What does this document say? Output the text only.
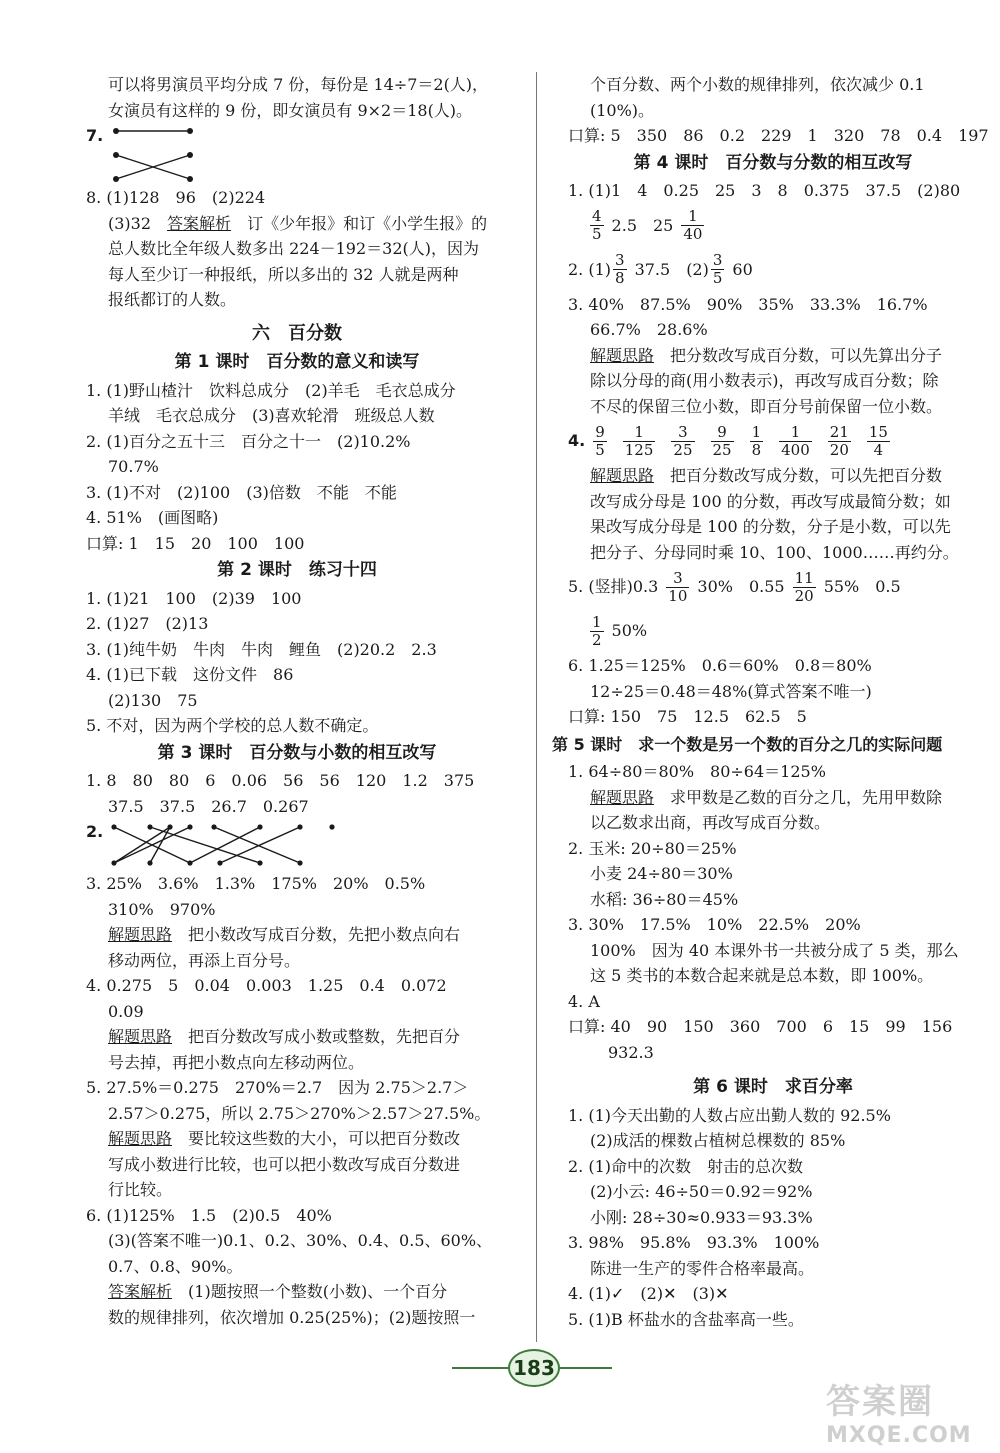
可以将男演员平均分成 7 份，每份是 14÷7＝2(人)，
女演员有这样的 9 份，即女演员有 9×2＝18(人)。
7.
8. (1)128　96　(2)224
(3)32　 答案解析　 订《少年报》和订《小学生报》的
总人数比全年级人数多出 224－192＝32(人)，因为
每人至少订一种报纸，所以多出的 32 人就是两种
报纸都订的人数。
六　百分数
第 1 课时　百分数的意义和读写
1. (1)野山楂汁　饮料总成分　(2)羊毛　毛衣总成分
羊绒　毛衣总成分　(3)喜欢轮滑　班级总人数
2. (1)百分之五十三　百分之十一　(2)10.2%
70.7%
3. (1)不对　(2)100　(3)倍数　不能　不能
4. 51%　(画图略)
口算: 1　15　20　100　100
第 2 课时　练习十四
1. (1)21　100　(2)39　100
2. (1)27　(2)13
3. (1)纯牛奶　牛肉　牛肉　鲤鱼　(2)20.2　2.3
4. (1)已下载　这份文件　86
(2)130　75
5. 不对，因为两个学校的总人数不确定。
第 3 课时　百分数与小数的相互改写
1. 8　80　80　6　0.06　56　56　120　1.2　375
37.5　37.5　26.7　0.267
2.
3. 25%　3.6%　1.3%　175%　20%　0.5%
310%　970%
解题思路　 把小数改写成百分数，先把小数点向右
移动两位，再添上百分号。
4. 0.275　5　0.04　0.003　1.25　0.4　0.072
0.09
解题思路　 把百分数改写成小数或整数，先把百分
号去掉，再把小数点向左移动两位。
5. 27.5%＝0.275　270%＝2.7　因为 2.75＞2.7＞
2.57＞0.275，所以 2.75＞270%＞2.57＞27.5%。
解题思路　 要比较这些数的大小，可以把百分数改
写成小数进行比较，也可以把小数改写成百分数进
行比较。
6. (1)125%　1.5　(2)0.5　40%
(3)(答案不唯一)0.1、0.2、30%、0.4、0.5、60%、
0.7、0.8、90%。
答案解析　 (1)题按照一个整数(小数)、一个百分
数的规律排列，依次增加 0.25(25%)；(2)题按照一
个百分数、两个小数的规律排列，依次减少 0.1
(10%)。
口算: 5　350　86　0.2　229　1　320　78　0.4　197
第 4 课时　百分数与分数的相互改写
1. (1)1　4　0.25　25　3　8　0.375　37.5　(2)80
$\frac{4}{5} 2.5$　$25 \frac{1}{40}$
2. $(1) \frac{3}{8} 37.5$　$(2) \frac{3}{5} 60$
3. 40%　87.5%　90%　35%　33.3%　16.7%
66.7%　28.6%
解题思路　 把分数改写成百分数，可以先算出分子
除以分母的商(用小数表示)，再改写成百分数；除
不尽的保留三位小数，即百分号前保留一位小数。
4. $\frac{9}{5} \frac{1}{125} \frac{3}{25} \frac{9}{25} \frac{1}{8} \frac{1}{400} \frac{21}{20} \frac{15}{4}$
解题思路　 把百分数改写成分数，可以先把百分数
改写成分母是 100 的分数，再改写成最简分数；如
果改写成分母是 100 的分数，分子是小数，可以先
把分子、分母同时乘 10、100、1000……再约分。
5. (竖排)$0.3 \frac{3}{10} 30\%$　$0.55 \frac{11}{20} 55\%$　0.5
$\frac{1}{2} 50\%$
6. 1.25＝125%　0.6＝60%　0.8＝80%
12÷25＝0.48＝48%(算式答案不唯一)
口算: 150　75　12.5　62.5　5
第 5 课时　求一个数是另一个数的百分之几的实际问题
1. 64÷80＝80%　80÷64＝125%
解题思路　 求甲数是乙数的百分之几，先用甲数除
以乙数求出商，再改写成百分数。
2. 玉米: 20÷80＝25%
小麦 24÷80＝30%
水稻: 36÷80＝45%
3. 30%　17.5%　10%　22.5%　20%
100%　因为 40 本课外书一共被分成了 5 类，那么
这 5 类书的本数合起来就是总本数，即 100%。
4. A
口算: 40　90　150　360　700　6　15　99　156
932.3
第 6 课时　求百分率
1. (1)今天出勤的人数占应出勤人数的 92.5%
(2)成活的棵数占植树总棵数的 85%
2. (1)命中的次数　射击的总次数
(2)小云: 46÷50＝0.92＝92%
小刚: 28÷30≈0.933＝93.3%
3. 98%　95.8%　93.3%　100%
陈进一生产的零件合格率最高。
4. (1)✓　(2)✕　(3)✕
5. (1)B 杯盐水的含盐率高一些。
183
答案圈
MXQE.COM
